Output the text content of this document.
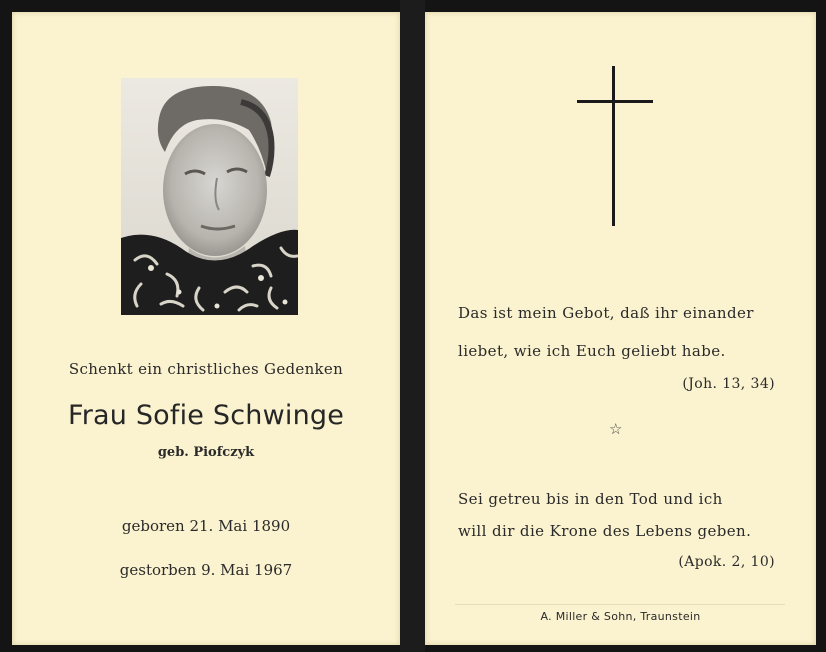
Schenkt ein christliches Gedenken
Frau Sofie Schwinge
geb. Piofczyk
geboren 21. Mai 1890
gestorben 9. Mai 1967
Das ist mein Gebot, daß ihr einander
liebet, wie ich Euch geliebt habe.
(Joh. 13, 34)
☆
Sei getreu bis in den Tod und ich
will dir die Krone des Lebens geben.
(Apok. 2, 10)
A. Miller & Sohn, Traunstein
